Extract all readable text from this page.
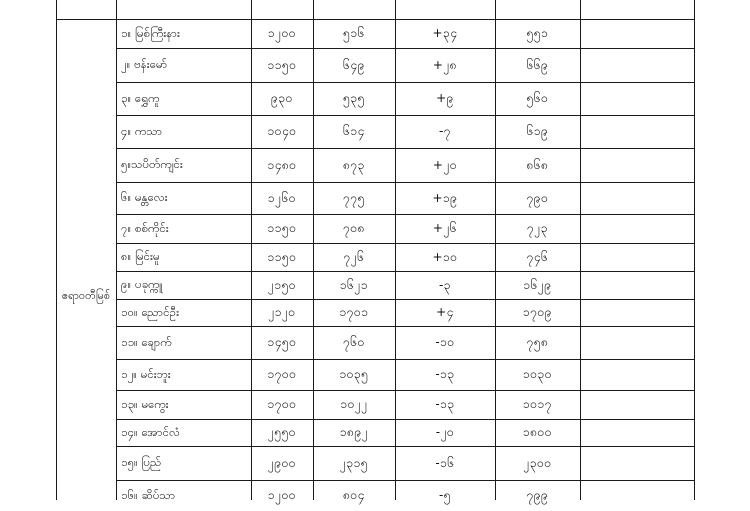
ဧရာ၀တီမြစ်
၁။ မြစ်ကြီးနား	၁၂၀၀	၅၁၆	+၃၄	၅၅၁
၂။ ဗန်းမော်	၁၁၅၀	၆၄၉	+၂၈	၆၆၉
၃။ ရွှေကူ	၉၃၀	၅၃၅	+၉	၅၆၀
၄။ ကသာ	၁၀၄၀	၆၁၄	-၇	၆၁၉
၅။သပိတ်ကျင်း	၁၄၈၀	၈၇၃	+၂၀	၈၆၈
၆။ မန္တလေး	၁၂၆၀	၇၇၅	+၁၉	၇၉၀
၇။ စစ်ကိုင်း	၁၁၅၀	၇၀၈	+၂၆	၇၂၃
၈။ မြင်းမူ	၁၁၅၀	၇၂၆	+၁၀	၇၄၆
၉။ ပခုက္ကူ	၂၁၅၀	၁၆၂၁	-၃	၁၆၂၉
၁၀။ ညောင်ဦး	၂၁၂၀	၁၇၀၁	+၄	၁၇၀၉
၁၁။ ချောက်	၁၄၅၀	၇၆၀	-၁၀	၇၅၈
၁၂။ မင်းဘူး	၁၇၀၀	၁၀၃၅	-၁၃	၁၀၃၀
၁၃။ မကွေး	၁၇၀၀	၁၀၂၂	-၁၃	၁၀၁၇
၁၄။ အောင်လံ	၂၅၅၀	၁၈၉၂	-၂၀	၁၈၀၀
၁၅။ ပြည်	၂၉၀၀	၂၃၁၅	-၁၆	၂၃၀၀
၁၆။ ဆိပ်သာ	၁၂၀၀	၈၀၄	-၅	၇၉၉
